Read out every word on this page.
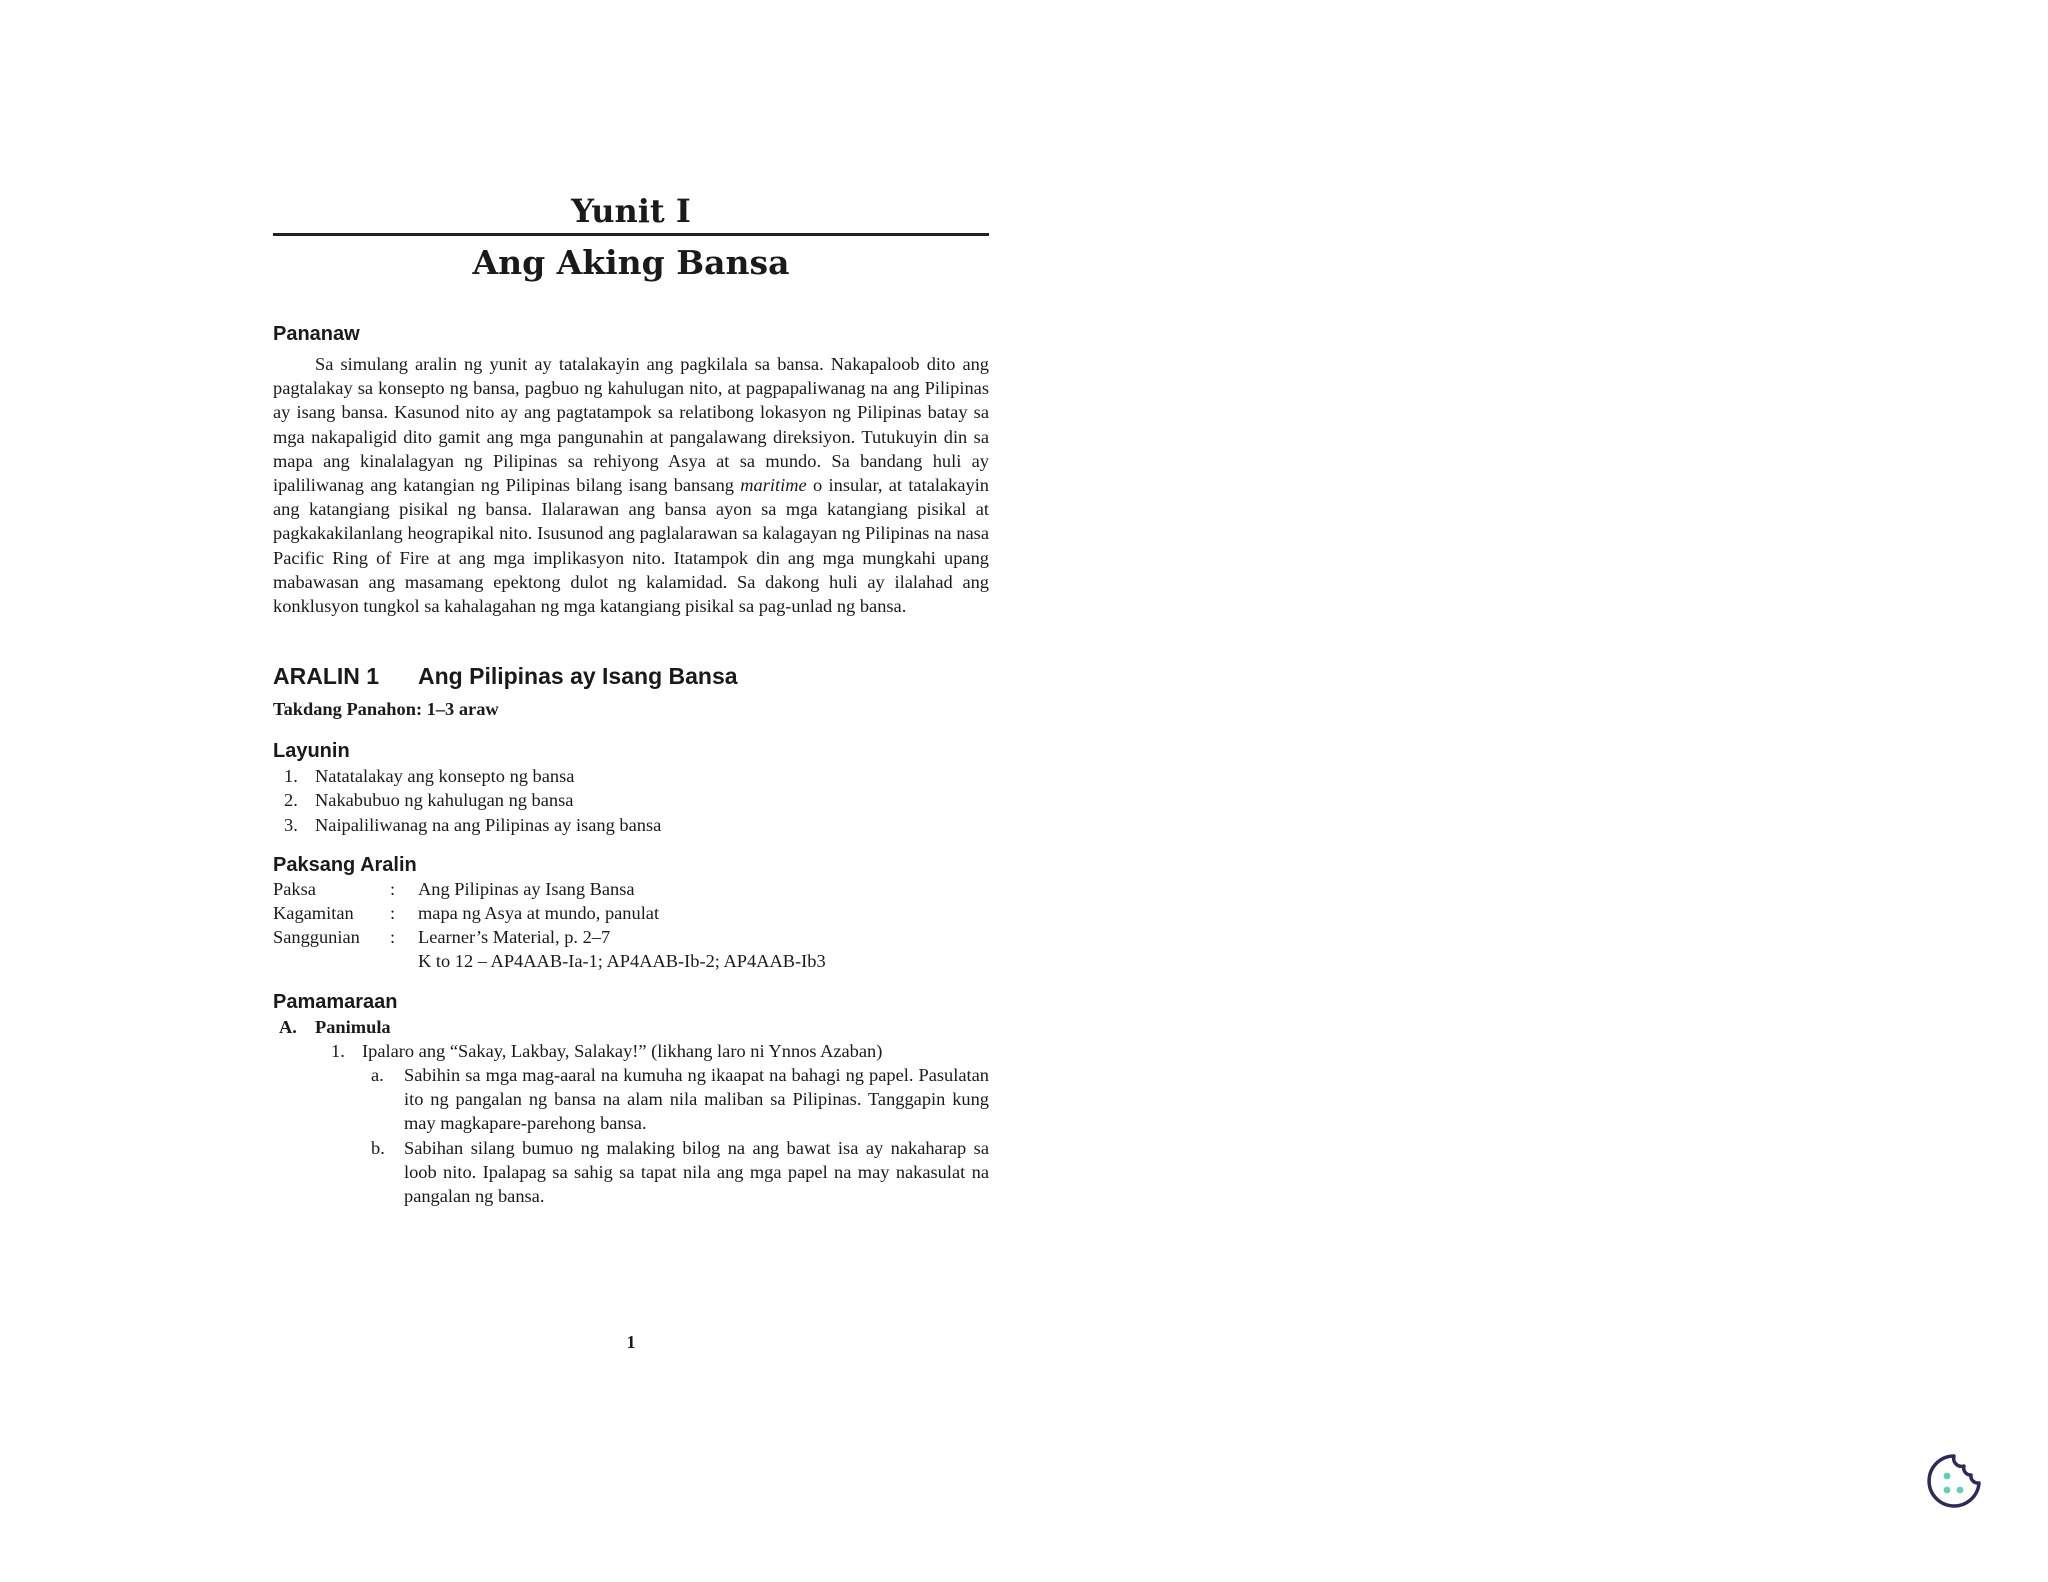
Yunit I
Ang Aking Bansa
Pananaw

Sa simulang aralin ng yunit ay tatalakayin ang pagkilala sa bansa. Nakapaloob dito ang pagtalakay sa konsepto ng bansa, pagbuo ng kahulugan nito, at pagpapaliwanag na ang Pilipinas ay isang bansa. Kasunod nito ay ang pagtatampok sa relatibong lokasyon ng Pilipinas batay sa mga nakapaligid dito gamit ang mga pangunahin at pangalawang direksiyon. Tutukuyin din sa mapa ang kinalalagyan ng Pilipinas sa rehiyong Asya at sa mundo. Sa bandang huli ay ipaliliwanag ang katangian ng Pilipinas bilang isang bansang maritime o insular, at tatalakayin ang katangiang pisikal ng bansa. Ilalarawan ang bansa ayon sa mga katangiang pisikal at pagkakakilanlang heograpikal nito. Isusunod ang paglalarawan sa kalagayan ng Pilipinas na nasa Pacific Ring of Fire at ang mga implikasyon nito. Itatampok din ang mga mungkahi upang mabawasan ang masamang epektong dulot ng kalamidad. Sa dakong huli ay ilalahad ang konklusyon tungkol sa kahalagahan ng mga katangiang pisikal sa pag-unlad ng bansa.

ARALIN 1 Ang Pilipinas ay Isang Bansa

Takdang Panahon: 1–3 araw

Layunin
1. Natatalakay ang konsepto ng bansa
2. Nakabubuo ng kahulugan ng bansa
3. Naipaliliwanag na ang Pilipinas ay isang bansa
Paksang Aralin
Paksa	: Ang Pilipinas ay Isang Bansa
Kagamitan : mapa ng Asya at mundo, panulat
Sanggunian : Learner’s Material, p. 2–7
K to 12 – AP4AAB-Ia-1; AP4AAB-Ib-2; AP4AAB-Ib3
Pamamaraan
A. Panimula
1. Ipalaro ang “Sakay, Lakbay, Salakay!” (likhang laro ni Ynnos Azaban)
a. Sabihin sa mga mag-aaral na kumuha ng ikaapat na bahagi ng papel. Pasulatan ito ng pangalan ng bansa na alam nila maliban sa Pilipinas. Tanggapin kung may magkapare-parehong bansa.
b. Sabihan silang bumuo ng malaking bilog na ang bawat isa ay nakaharap sa loob nito. Ipalapag sa sahig sa tapat nila ang mga papel na may nakasulat na pangalan ng bansa.
1
